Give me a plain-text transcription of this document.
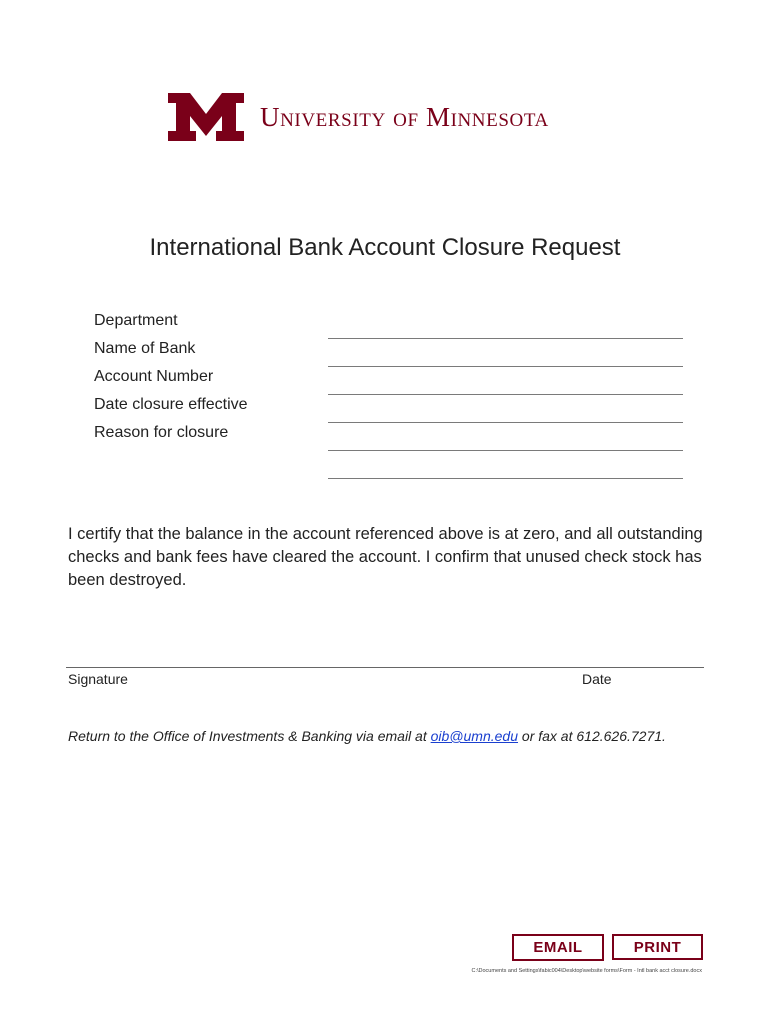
University of Minnesota
International Bank Account Closure Request
Department
Name of Bank
Account Number
Date closure effective
Reason for closure
I certify that the balance in the account referenced above is at zero, and all outstanding checks and bank fees have cleared the account. I confirm that unused check stock has been destroyed.
Signature	Date
Return to the Office of Investments & Banking via email at oib@umn.edu or fax at 612.626.7271.
EMAIL	PRINT
C:\Documents and Settings\fabic004\Desktop\website forms\Form - Intl bank acct closure.docx
